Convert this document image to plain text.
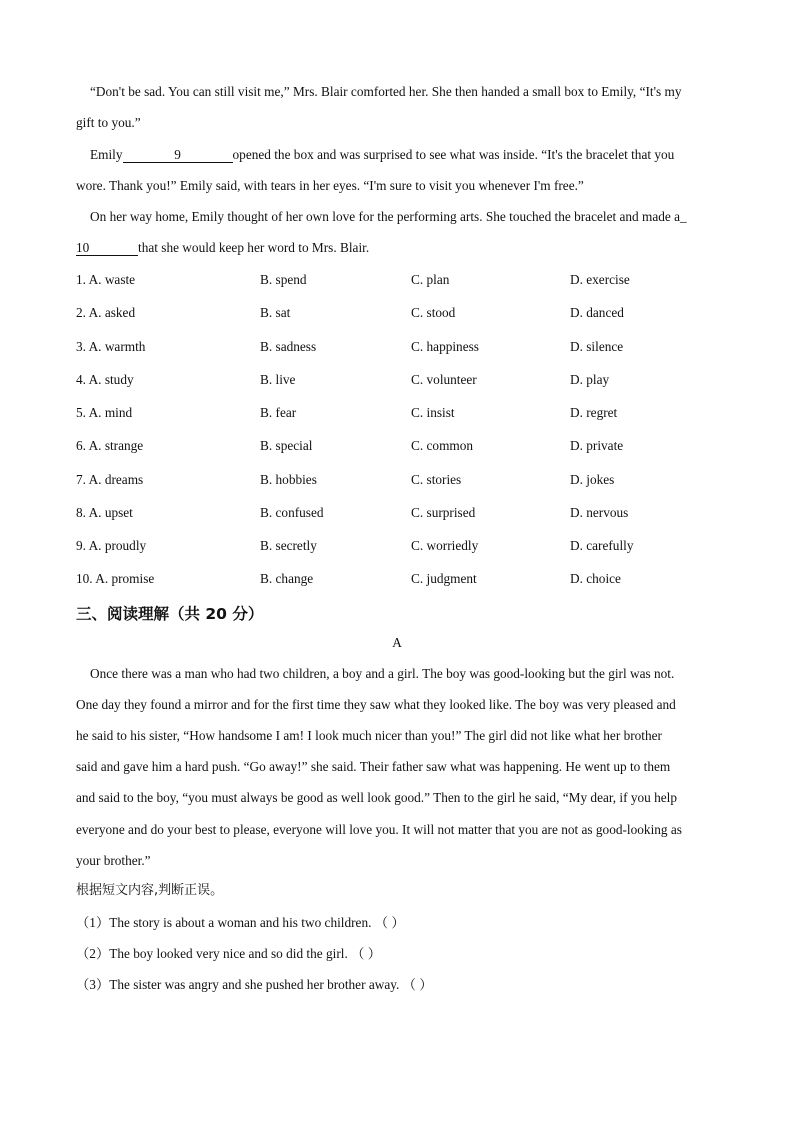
“Don't be sad. You can still visit me,” Mrs. Blair comforted her. She then handed a small box to Emily, “It's my
gift to you.”
Emily	9	opened the box and was surprised to see what was inside. “It's the bracelet that you
wore. Thank you!” Emily said, with tears in her eyes. “I'm sure to visit you whenever I'm free.”
On her way home, Emily thought of her own love for the performing arts. She touched the bracelet and made a_
10	that she would keep her word to Mrs. Blair.
1. A. waste	B. spend	C. plan	D. exercise
2. A. asked	B. sat	C. stood	D. danced
3. A. warmth	B. sadness	C. happiness	D. silence
4. A. study	B. live	C. volunteer	D. play
5. A. mind	B. fear	C. insist	D. regret
6. A. strange	B. special	C. common	D. private
7. A. dreams	B. hobbies	C. stories	D. jokes
8. A. upset	B. confused	C. surprised	D. nervous
9. A. proudly	B. secretly	C. worriedly	D. carefully
10. A. promise	B. change	C. judgment	D. choice
三、阅读理解（共 20 分）
A
Once there was a man who had two children, a boy and a girl. The boy was good-looking but the girl was not.
One day they found a mirror and for the first time they saw what they looked like. The boy was very pleased and
he said to his sister, “How handsome I am! I look much nicer than you!” The girl did not like what her brother
said and gave him a hard push. “Go away!” she said. Their father saw what was happening. He went up to them
and said to the boy, “you must always be good as well look good.” Then to the girl he said, “My dear, if you help
everyone and do your best to please, everyone will love you. It will not matter that you are not as good-looking as
your brother.”
根据短文内容,判断正误。
（1）The story is about a woman and his two children. （ ）
（2）The boy looked very nice and so did the girl. （ ）
（3）The sister was angry and she pushed her brother away. （ ）
